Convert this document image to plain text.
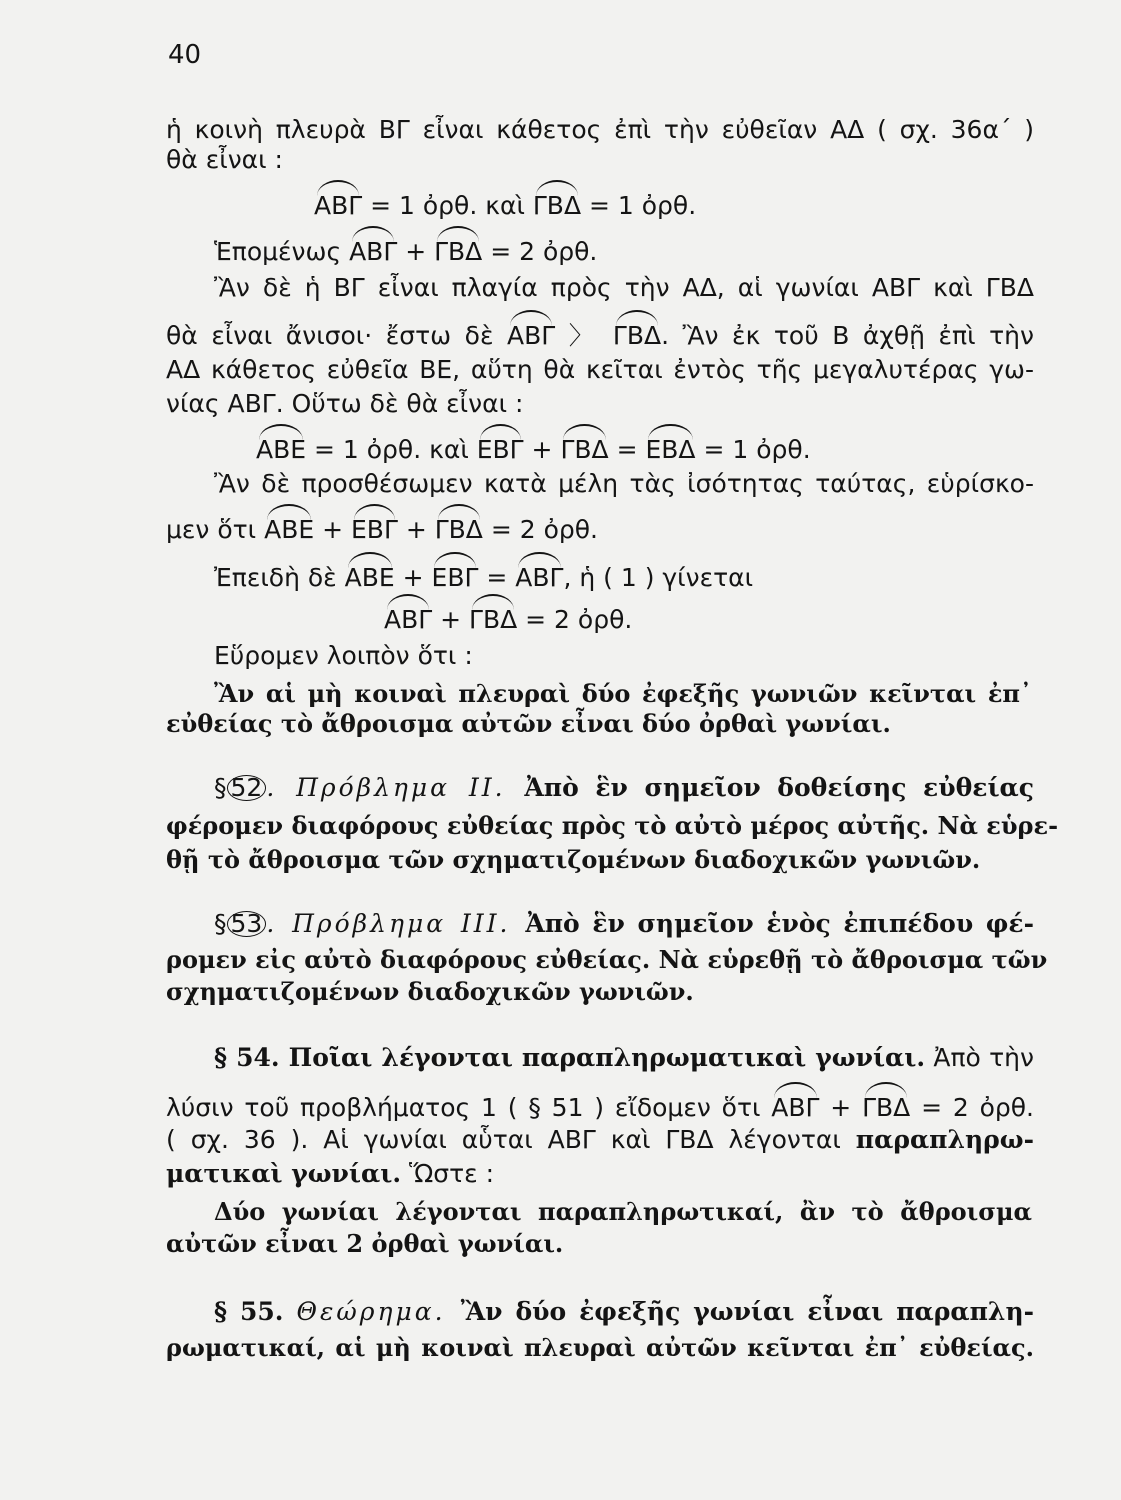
40
ἡ κοινὴ πλευρὰ ΒΓ εἶναι κάθετος ἐπὶ τὴν εὐθεῖαν ΑΔ ( σχ. 36α΄ )
θὰ εἶναι :
ΑΒΓ = 1 ὀρθ. καὶ ΓΒΔ = 1 ὀρθ.
Ἑπομένως ΑΒΓ + ΓΒΔ = 2 ὀρθ.
Ἂν δὲ ἡ ΒΓ εἶναι πλαγία πρὸς τὴν ΑΔ, αἱ γωνίαι ΑΒΓ καὶ ΓΒΔ
θὰ εἶναι ἄνισοι· ἔστω δὲ ΑΒΓ 〉 ΓΒΔ. Ἂν ἐκ τοῦ Β ἀχθῇ ἐπὶ τὴν
ΑΔ κάθετος εὐθεῖα ΒΕ, αὕτη θὰ κεῖται ἐντὸς τῆς μεγαλυτέρας γω-
νίας ΑΒΓ. Οὕτω δὲ θὰ εἶναι :
ΑΒΕ = 1 ὀρθ. καὶ ΕΒΓ + ΓΒΔ = ΕΒΔ = 1 ὀρθ.
Ἂν δὲ προσθέσωμεν κατὰ μέλη τὰς ἰσότητας ταύτας, εὑρίσκο-
μεν ὅτι ΑΒΕ + ΕΒΓ + ΓΒΔ = 2 ὀρθ.
Ἐπειδὴ δὲ ΑΒΕ + ΕΒΓ = ΑΒΓ, ἡ ( 1 ) γίνεται
ΑΒΓ + ΓΒΔ = 2 ὀρθ.
Εὕρομεν λοιπὸν ὅτι :
Ἂν αἱ μὴ κοιναὶ πλευραὶ δύο ἐφεξῆς γωνιῶν κεῖνται ἐπ᾽
εὐθείας τὸ ἄθροισμα αὐτῶν εἶναι δύο ὀρθαὶ γωνίαι.
§ 52 . Πρόβλημα ΙΙ. Ἀπὸ ἓν σημεῖον δοθείσης εὐθείας
φέρομεν διαφόρους εὐθείας πρὸς τὸ αὐτὸ μέρος αὐτῆς. Νὰ εὑρε-
θῇ τὸ ἄθροισμα τῶν σχηματιζομένων διαδοχικῶν γωνιῶν.
§ 53 . Πρόβλημα ΙΙΙ. Ἀπὸ ἓν σημεῖον ἑνὸς ἐπιπέδου φέ-
ρομεν εἰς αὐτὸ διαφόρους εὐθείας. Νὰ εὑρεθῇ τὸ ἄθροισμα τῶν
σχηματιζομένων διαδοχικῶν γωνιῶν.
§ 54. Ποῖαι λέγονται παραπληρωματικαὶ γωνίαι. Ἀπὸ τὴν
λύσιν τοῦ προβλήματος 1 ( § 51 ) εἴδομεν ὅτι ΑΒΓ + ΓΒΔ = 2 ὀρθ.
( σχ. 36 ). Αἱ γωνίαι αὗται ΑΒΓ καὶ ΓΒΔ λέγονται παραπληρω-
ματικαὶ γωνίαι. Ὥστε :
Δύο γωνίαι λέγονται παραπληρωτικαί, ἂν τὸ ἄθροισμα
αὐτῶν εἶναι 2 ὀρθαὶ γωνίαι.
§ 55. Θεώρημα. Ἂν δύο ἐφεξῆς γωνίαι εἶναι παραπλη-
ρωματικαί, αἱ μὴ κοιναὶ πλευραὶ αὐτῶν κεῖνται ἐπ᾽ εὐθείας.
